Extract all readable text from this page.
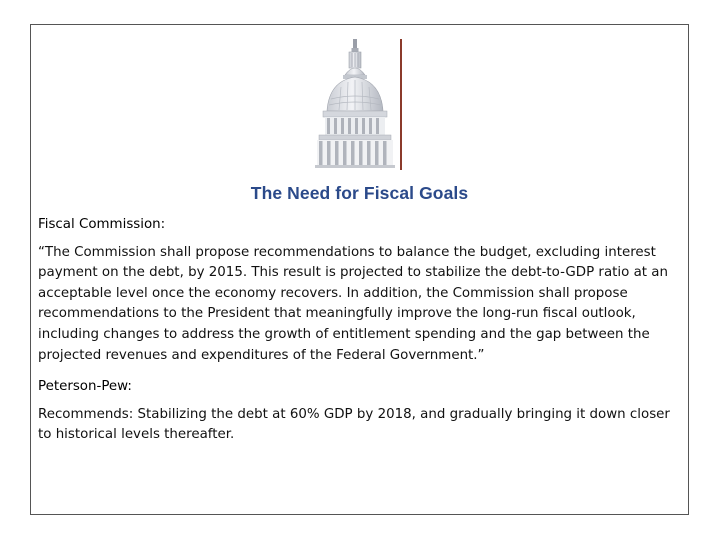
The Need for Fiscal Goals

Fiscal Commission:

“The Commission shall propose recommendations to balance the budget, excluding interest payment on the debt, by 2015. This result is projected to stabilize the debt-to-GDP ratio at an acceptable level once the economy recovers. In addition, the Commission shall propose recommendations to the President that meaningfully improve the long-run fiscal outlook, including changes to address the growth of entitlement spending and the gap between the projected revenues and expenditures of the Federal Government.”

Peterson-Pew:

Recommends: Stabilizing the debt at 60% GDP by 2018, and gradually bringing it down closer to historical levels thereafter.
